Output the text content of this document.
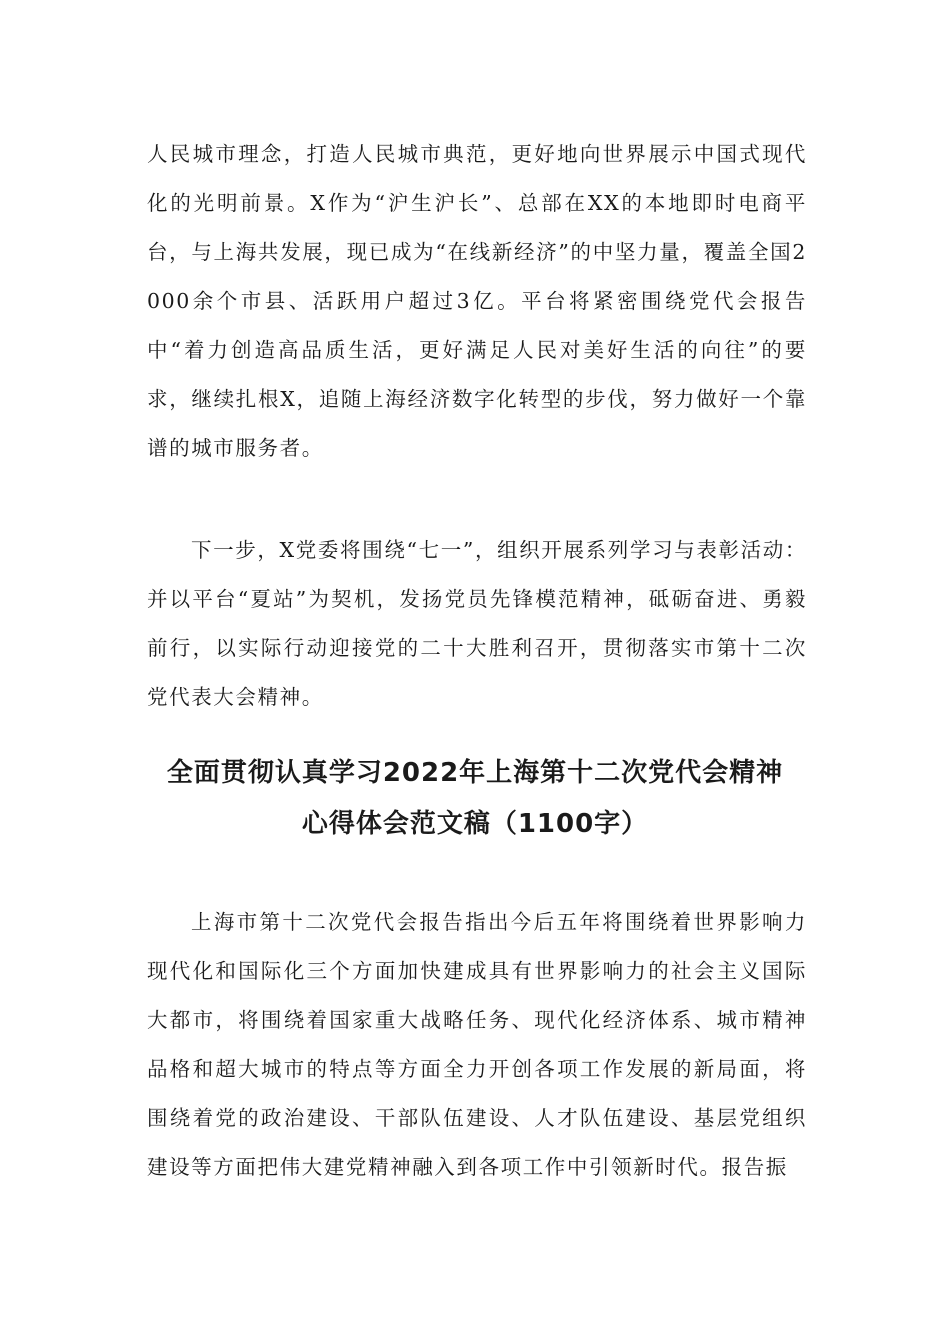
人民城市理念，打造人民城市典范，更好地向世界展示中国式现代化的光明前景。X作为“沪生沪长”、总部在XX的本地即时电商平台，与上海共发展，现已成为“在线新经济”的中坚力量，覆盖全国2000余个市县、活跃用户超过3亿。平台将紧密围绕党代会报告中“着力创造高品质生活，更好满足人民对美好生活的向往”的要求，继续扎根X，追随上海经济数字化转型的步伐，努力做好一个靠谱的城市服务者。

下一步，X党委将围绕“七一”，组织开展系列学习与表彰活动：并以平台“夏站”为契机，发扬党员先锋模范精神，砥砺奋进、勇毅前行，以实际行动迎接党的二十大胜利召开，贯彻落实市第十二次党代表大会精神。

全面贯彻认真学习2022年上海第十二次党代会精神
心得体会范文稿（1100字）

上海市第十二次党代会报告指出今后五年将围绕着世界影响力现代化和国际化三个方面加快建成具有世界影响力的社会主义国际大都市，将围绕着国家重大战略任务、现代化经济体系、城市精神品格和超大城市的特点等方面全力开创各项工作发展的新局面，将围绕着党的政治建设、干部队伍建设、人才队伍建设、基层党组织建设等方面把伟大建党精神融入到各项工作中引领新时代。报告振
